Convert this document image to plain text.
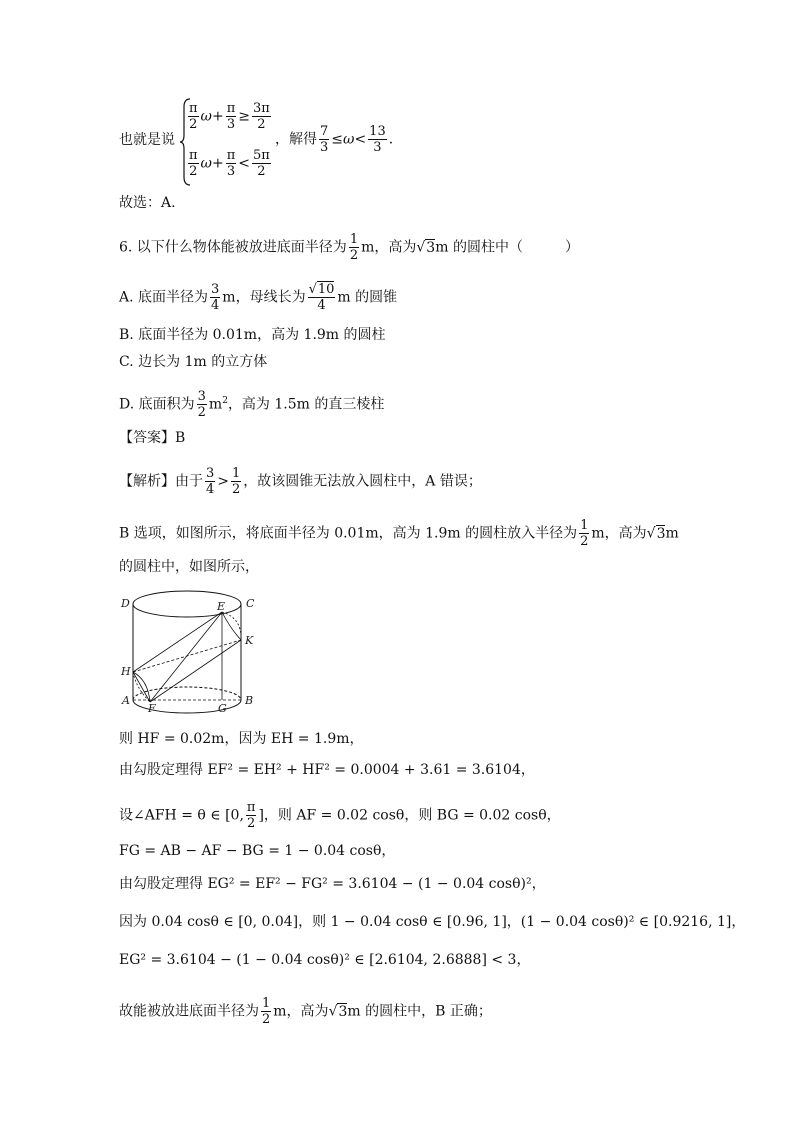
也就是说
$\frac{\pi}{2} \omega+ \frac{\pi}{3} \ge \frac{3\pi}{2}$
$\frac{\pi}{2} \omega+ \frac{\pi}{3} < \frac{5\pi}{2}$
，解得 $\frac{7}{3} \le\omega< \frac{13}{3}$ .
故选：A.
6. 以下什么物体能被放进底面半径为 $\frac{1}{2}$ m，高为√3m 的圆柱中（　　　）
A. 底面半径为 $\frac{3}{4}$ m，母线长为 $\frac{√10}{4}$ m 的圆锥
B. 底面半径为 0.01m，高为 1.9m 的圆柱
C. 边长为 1m 的立方体
D. 底面积为 $\frac{3}{2} m^2$，高为 1.5m 的直三棱柱
【答案】B
【解析】由于 $\frac{3}{4} > \frac{1}{2}$ ，故该圆锥无法放入圆柱中，A 错误；
B 选项，如图所示，将底面半径为 0.01m，高为 1.9m 的圆柱放入半径为 $\frac{1}{2}$ m，高为√3m
的圆柱中，如图所示，
D	C
E
K
H
A
F	G
B
则 HF = 0.02m，因为 EH = 1.9m，
由勾股定理得 EF² = EH² + HF² = 0.0004 + 3.61 = 3.6104，
设∠AFH = θ ∈ [0, $\frac{\pi}{2}$ ]，则 AF = 0.02 cosθ，则 BG = 0.02 cosθ，
FG = AB − AF − BG = 1 − 0.04 cosθ，
由勾股定理得 EG² = EF² − FG² = 3.6104 − (1 − 0.04 cosθ)²，
因为 0.04 cosθ ∈ [0, 0.04]，则 1 − 0.04 cosθ ∈ [0.96, 1]，(1 − 0.04 cosθ)² ∈ [0.9216, 1]，
EG² = 3.6104 − (1 − 0.04 cosθ)² ∈ [2.6104, 2.6888] < 3，
故能被放进底面半径为 $\frac{1}{2}$ m，高为√3m 的圆柱中，B 正确；
